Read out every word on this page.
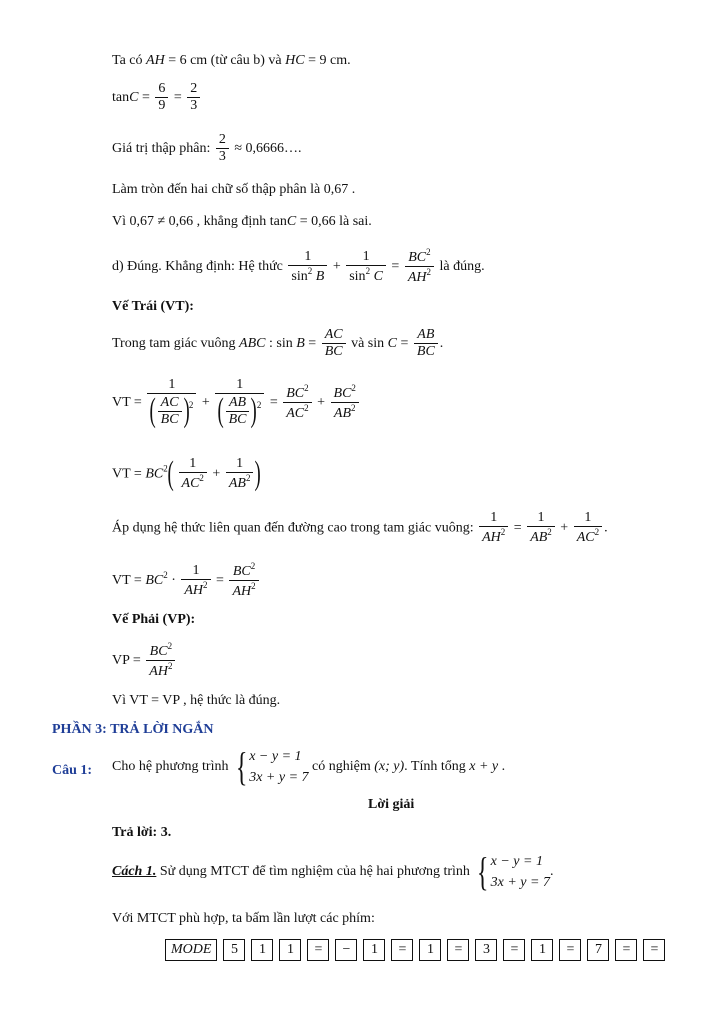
Ta có AH = 6 cm (từ câu b) và HC = 9 cm.
$\tan C = \frac{6}{9} = \frac{2}{3}$
Giá trị thập phân: $\frac{2}{3}$ ≈ 0,6666….
Làm tròn đến hai chữ số thập phân là 0,67 .
Vì 0,67 ≠ 0,66 , khẳng định tanC = 0,66 là sai.
d) Đúng. Khẳng định: Hệ thức $\frac{1}{\sin^2 B} + \frac{1}{\sin^2 C} = \frac{BC^2}{AH^2}$ là đúng.
Vế Trái (VT):
Trong tam giác vuông ABC : $\sin B = \frac{AC}{BC}$ và $\sin C = \frac{AB}{BC}$ .
VT = $\frac{1}{( \frac{AC}{BC} )^2} + \frac{1}{( \frac{AB}{BC} )^2} = \frac{BC^2}{AC^2} + \frac{BC^2}{AB^2}$
VT = $BC^2( \frac{1}{AC^2} + \frac{1}{AB^2}$ )
Áp dụng hệ thức liên quan đến đường cao trong tam giác vuông: $\frac{1}{AH^2} = \frac{1}{AB^2} + \frac{1}{AC^2}$ .
VT = $BC^2 \cdot \frac{1}{AH^2} = \frac{BC^2}{AH^2}$
Vế Phải (VP):
VP = $\frac{BC^2}{AH^2}$
Vì VT = VP , hệ thức là đúng.
PHẦN 3: TRẢ LỜI NGẮN
Câu 1: Cho hệ phương trình { x − y = 1
3x + y = 7
có nghiệm (x; y). Tính tổng x + y .
Lời giải
Trả lời: 3.
Cách 1. Sử dụng MTCT để tìm nghiệm của hệ hai phương trình { x − y = 1
3x + y = 7
.
Với MTCT phù hợp, ta bấm lần lượt các phím:
MODE	5	1	1	=	−	1	=	1	=	3	=	1	=	7	=	=
